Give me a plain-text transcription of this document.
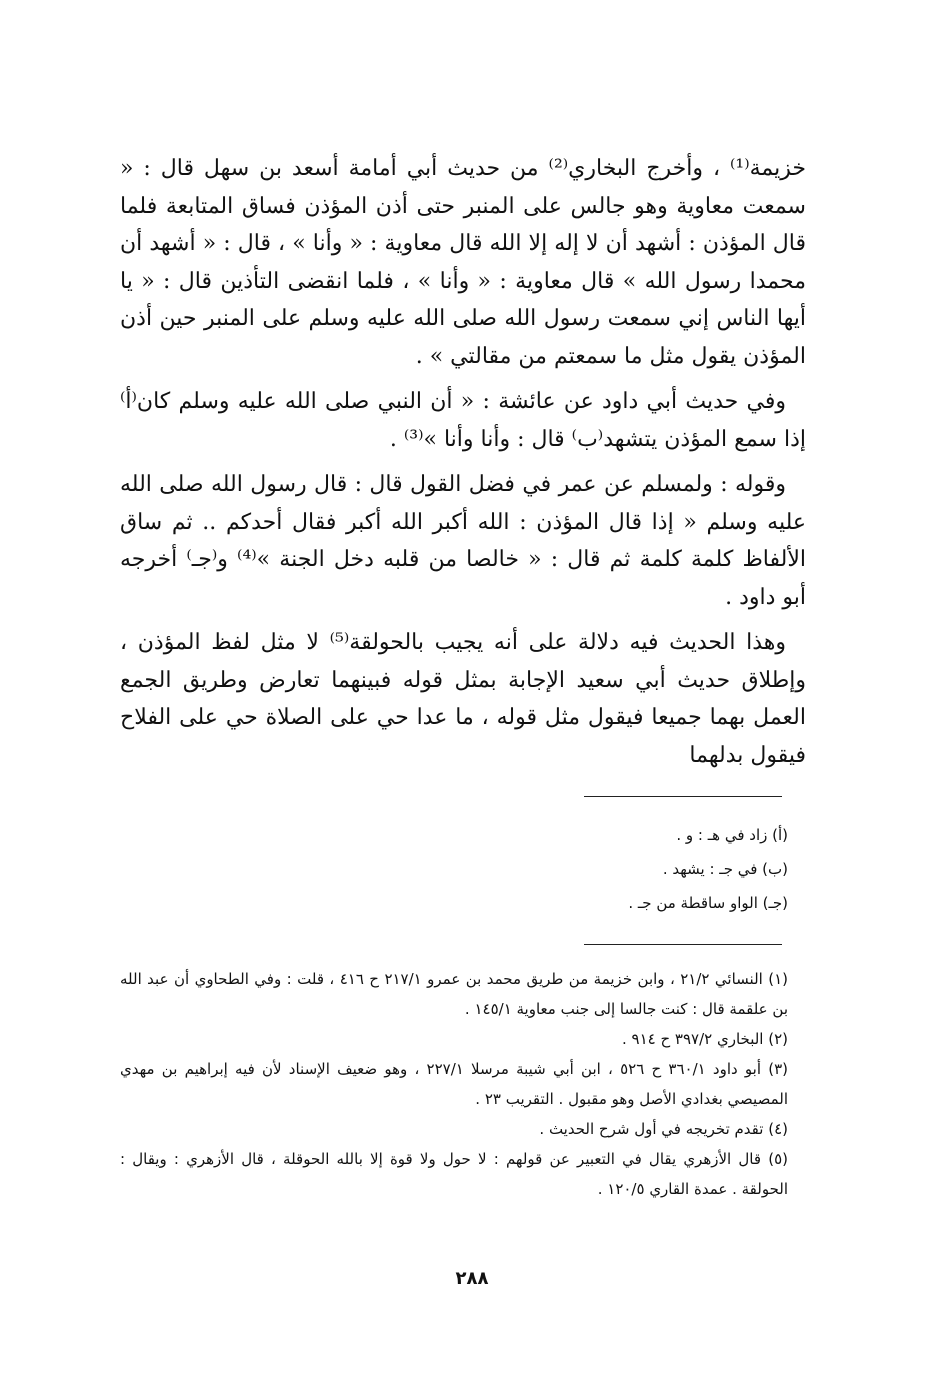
خزيمة⁽¹⁾ ، وأخرج البخاري⁽²⁾ من حديث أبي أمامة أسعد بن سهل قال : « سمعت معاوية وهو جالس على المنبر حتى أذن المؤذن فساق المتابعة فلما قال المؤذن : أشهد أن لا إله إلا الله قال معاوية : « وأنا » ، قال : « أشهد أن محمدا رسول الله » قال معاوية : « وأنا » ، فلما انقضى التأذين قال : « يا أيها الناس إني سمعت رسول الله صلى الله عليه وسلم على المنبر حين أذن المؤذن يقول مثل ما سمعتم من مقالتي » .

وفي حديث أبي داود عن عائشة : « أن النبي صلى الله عليه وسلم كان⁽أ⁾ إذا سمع المؤذن يتشهد⁽ب⁾ قال : وأنا وأنا »⁽³⁾ .

وقوله : ولمسلم عن عمر في فضل القول قال : قال رسول الله صلى الله عليه وسلم « إذا قال المؤذن : الله أكبر الله أكبر فقال أحدكم .. ثم ساق الألفاظ كلمة كلمة ثم قال : « خالصا من قلبه دخل الجنة »⁽⁴⁾ و⁽جـ⁾ أخرجه أبو داود .

وهذا الحديث فيه دلالة على أنه يجيب بالحولقة⁽⁵⁾ لا مثل لفظ المؤذن ، وإطلاق حديث أبي سعيد الإجابة بمثل قوله فبينهما تعارض وطريق الجمع العمل بهما جميعا فيقول مثل قوله ، ما عدا حي على الصلاة حي على الفلاح فيقول بدلهما

(أ) زاد في هـ : و .
(ب) في جـ : يشهد .
(جـ) الواو ساقطة من جـ .

(١) النسائي ٢١/٢ ، وابن خزيمة من طريق محمد بن عمرو ٢١٧/١ ح ٤١٦ ، قلت : وفي الطحاوي أن عبد الله بن علقمة قال : كنت جالسا إلى جنب معاوية ١٤٥/١ .

(٢) البخاري ٣٩٧/٢ ح ٩١٤ .

(٣) أبو داود ٣٦٠/١ ح ٥٢٦ ، ابن أبي شيبة مرسلا ٢٢٧/١ ، وهو ضعيف الإسناد لأن فيه إبراهيم بن مهدي المصيصي بغدادي الأصل وهو مقبول . التقريب ٢٣ .

(٤) تقدم تخريجه في أول شرح الحديث .

(٥) قال الأزهري يقال في التعبير عن قولهم : لا حول ولا قوة إلا بالله الحوقلة ، قال الأزهري : ويقال : الحولقة . عمدة القاري ١٢٠/٥ .

٢٨٨
